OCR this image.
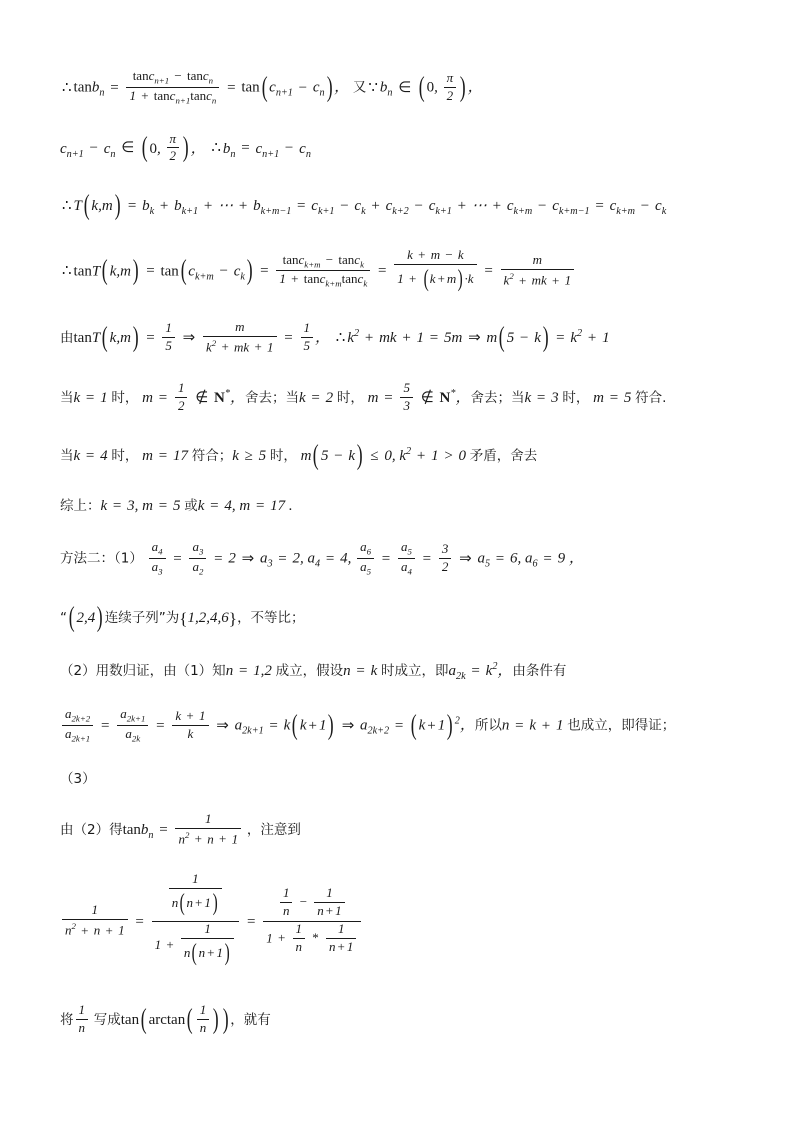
∴ $\tan b_n = \frac{\tan c_{n+1} - \tan c_n}{1 + \tan c_{n+1}\tan c_n} = \tan$( $c_{n+1} - c_n$) ， 又 ∵ $b_n$ ∈ ( 0, $\frac{\pi}{2}$ ) ，
$c_{n+1} - c_n$ ∈ ( 0, $\frac{\pi}{2}$ ) ， ∴ $b_n = c_{n+1} - c_n$
∴ T( $k,m) = b_k + b_{k+1}$ + ⋯ + $b_{k+m-1} = c_{k+1} - c_k + c_{k+2} - c_{k+1}$ + ⋯ + $c_{k+m} - c_{k+m-1} = c_{k+m} - c_k$
∴ tanT( k,m) = tan( $c_{k+m} - c_k) = \frac{\tan c_{k+m} - \tan c_k}{1 + \tan c_{k+m}\tan c_k} = \frac{k + m - k}{1 + ( k + m) \cdot k} = \frac{m}{k^2 + mk + 1}$
由tanT( $k,m) = \frac{1}{5}$ ⇒ $\frac{m}{k^2 + mk + 1} = \frac{1}{5}$ ， ∴ $k^2$ + mk + 1 = 5m ⇒ m( $5 - k) = k^2 + 1$
当k = 1 时， $m = \frac{1}{2}$ ∉ N*，舍去；当k = 2 时， $m = \frac{5}{3}$ ∉ N*，舍去；当k = 3 时， m = 5 符合.
当k = 4 时， m = 17 符合；k ≥ 5 时， m( 5 − k) ≤ 0, $k^2 + 1 > 0$ 矛盾，舍去
综上：k = 3, m = 5 或k = 4, m = 17 .
方法二：$(1) \frac{a_4}{a_3} = \frac{a_3}{a_2} = 2$ ⇒ $a_3 = 2$, $a_4 = 4$, $\frac{a_6}{a_5} = \frac{a_5}{a_4} = \frac{3}{2}$ ⇒ $a_5 = 6$, $a_6 = 9$ ，
“( 2,4) 连续子列”为{1,2,4,6}，不等比；
（2）用数归证，由（1）知n = 1,2 成立，假设n = k 时成立，即$a_{2k} = k^2$，由条件有
$\frac{a_{2k+2}}{a_{2k+1}} = \frac{a_{2k+1}}{a_{2k}} = \frac{k + 1}{k}$ ⇒ $a_{2k+1} = k$( k + 1) ⇒ $a_{2k+2}$ = ( k + 1) $^2$，所以n = k + 1 也成立，即得证；
（3）
由（2）得$\tan b_n = \frac{1}{n^2 + n + 1}$ ，注意到
$\frac{1}{n^2 + n + 1} = \frac{\frac{1}{n( n + 1)}}{1 + \frac{1}{n( n + 1)}} = \frac{\frac{1}{n} - \frac{1}{n + 1}}{1 + \frac{1}{n} * \frac{1}{n + 1}}$
将 $\frac{1}{n}$ 写成tan( $\arctan( \frac{1}{n}$ ) ) ，就有
